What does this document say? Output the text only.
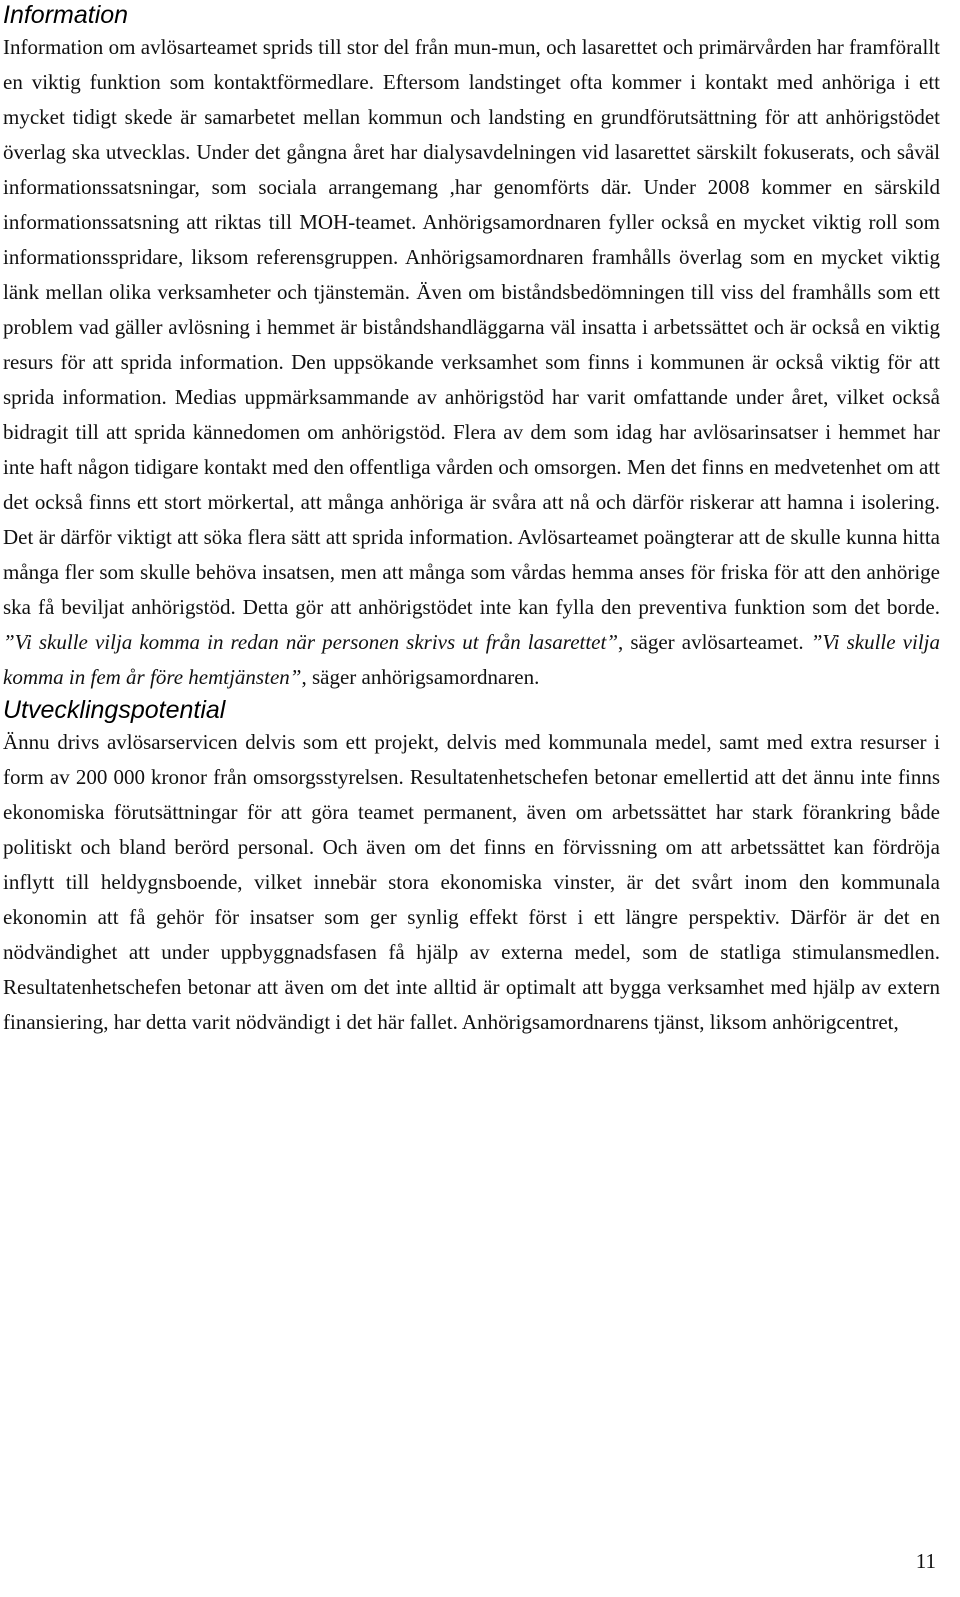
Information

Information om avlösarteamet sprids till stor del från mun-mun, och lasarettet och primärvården har framförallt en viktig funktion som kontaktförmedlare. Eftersom landstinget ofta kommer i kontakt med anhöriga i ett mycket tidigt skede är samarbetet mellan kommun och landsting en grundförutsättning för att anhörigstödet överlag ska utvecklas. Under det gångna året har dialysavdelningen vid lasarettet särskilt fokuserats, och såväl informationssatsningar, som sociala arrangemang ,har genomförts där. Under 2008 kommer en särskild informationssatsning att riktas till MOH-teamet. Anhörigsamordnaren fyller också en mycket viktig roll som informationsspridare, liksom referensgruppen. Anhörigsamordnaren framhålls överlag som en mycket viktig länk mellan olika verksamheter och tjänstemän. Även om biståndsbedömningen till viss del framhålls som ett problem vad gäller avlösning i hemmet är biståndshandläggarna väl insatta i arbetssättet och är också en viktig resurs för att sprida information. Den uppsökande verksamhet som finns i kommunen är också viktig för att sprida information. Medias uppmärksammande av anhörigstöd har varit omfattande under året, vilket också bidragit till att sprida kännedomen om anhörigstöd. Flera av dem som idag har avlösarinsatser i hemmet har inte haft någon tidigare kontakt med den offentliga vården och omsorgen. Men det finns en medvetenhet om att det också finns ett stort mörkertal, att många anhöriga är svåra att nå och därför riskerar att hamna i isolering. Det är därför viktigt att söka flera sätt att sprida information. Avlösarteamet poängterar att de skulle kunna hitta många fler som skulle behöva insatsen, men att många som vårdas hemma anses för friska för att den anhörige ska få beviljat anhörigstöd. Detta gör att anhörigstödet inte kan fylla den preventiva funktion som det borde. ”Vi skulle vilja komma in redan när personen skrivs ut från lasarettet”, säger avlösarteamet. ”Vi skulle vilja komma in fem år före hemtjänsten”, säger anhörigsamordnaren.

Utvecklingspotential

Ännu drivs avlösarservicen delvis som ett projekt, delvis med kommunala medel, samt med extra resurser i form av 200 000 kronor från omsorgsstyrelsen. Resultatenhetschefen betonar emellertid att det ännu inte finns ekonomiska förutsättningar för att göra teamet permanent, även om arbetssättet har stark förankring både politiskt och bland berörd personal. Och även om det finns en förvissning om att arbetssättet kan fördröja inflytt till heldygnsboende, vilket innebär stora ekonomiska vinster, är det svårt inom den kommunala ekonomin att få gehör för insatser som ger synlig effekt först i ett längre perspektiv. Därför är det en nödvändighet att under uppbyggnadsfasen få hjälp av externa medel, som de statliga stimulansmedlen. Resultatenhetschefen betonar att även om det inte alltid är optimalt att bygga verksamhet med hjälp av extern finansiering, har detta varit nödvändigt i det här fallet. Anhörigsamordnarens tjänst, liksom anhörigcentret,

11
